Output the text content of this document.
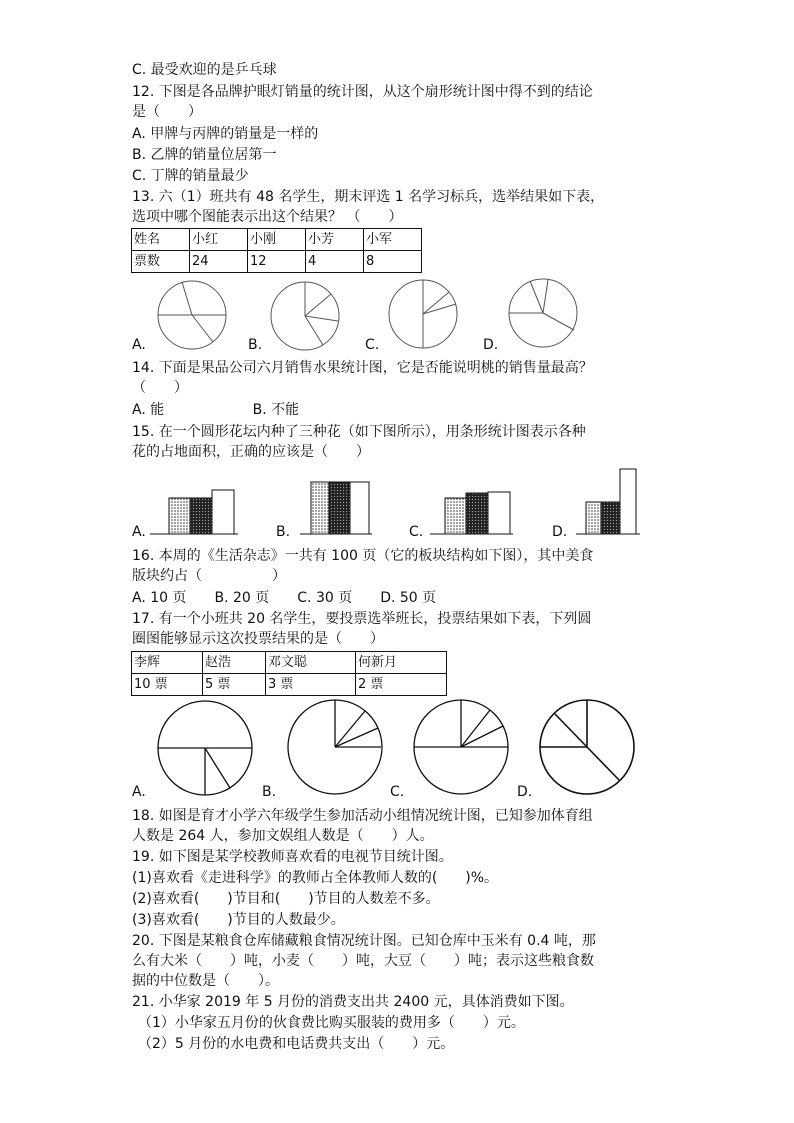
C. 最受欢迎的是乒乓球
12. 下图是各品牌护眼灯销量的统计图，从这个扇形统计图中得不到的结论
是（　　）
A. 甲牌与丙牌的销量是一样的
B. 乙牌的销量位居第一
C. 丁牌的销量最少
13. 六（1）班共有 48 名学生，期末评选 1 名学习标兵，选举结果如下表，
选项中哪个图能表示出这个结果？ （　　）
姓名	小红	小刚	小芳	小军
票数	24	12	4	8
A.	B.	C.	D.
14. 下面是果品公司六月销售水果统计图，它是否能说明桃的销售量最高？
（　　）
A. 能　　　　　　 B. 不能
15. 在一个圆形花坛内种了三种花（如下图所示），用条形统计图表示各种
花的占地面积，正确的应该是（　　）
A.	B.	C.	D.
16. 本周的《生活杂志》一共有 100 页（它的板块结构如下图），其中美食
版块约占（　　　　　）
A. 10 页　　B. 20 页　　C. 30 页　　D. 50 页
17. 有一个小班共 20 名学生，要投票选举班长，投票结果如下表，下列圆
圈图能够显示这次投票结果的是（　　）
李辉	赵浩	邓文聪	何新月
10 票	5 票	3 票	2 票
A.	B.	C.	D.
18. 如图是育才小学六年级学生参加活动小组情况统计图，已知参加体育组
人数是 264 人，参加文娱组人数是（　　）人。
19. 如下图是某学校教师喜欢看的电视节目统计图。
(1)喜欢看《走进科学》的教师占全体教师人数的(　　)%。
(2)喜欢看(　　)节目和(　　)节目的人数差不多。
(3)喜欢看(　　)节目的人数最少。
20. 下图是某粮食仓库储藏粮食情况统计图。已知仓库中玉米有 0.4 吨，那
么有大米（　　）吨，小麦（　　）吨，大豆（　　）吨；表示这些粮食数
据的中位数是（　　）。
21. 小华家 2019 年 5 月份的消费支出共 2400 元，具体消费如下图。
（1）小华家五月份的伙食费比购买服装的费用多（　　）元。
（2）5 月份的水电费和电话费共支出（　　）元。
